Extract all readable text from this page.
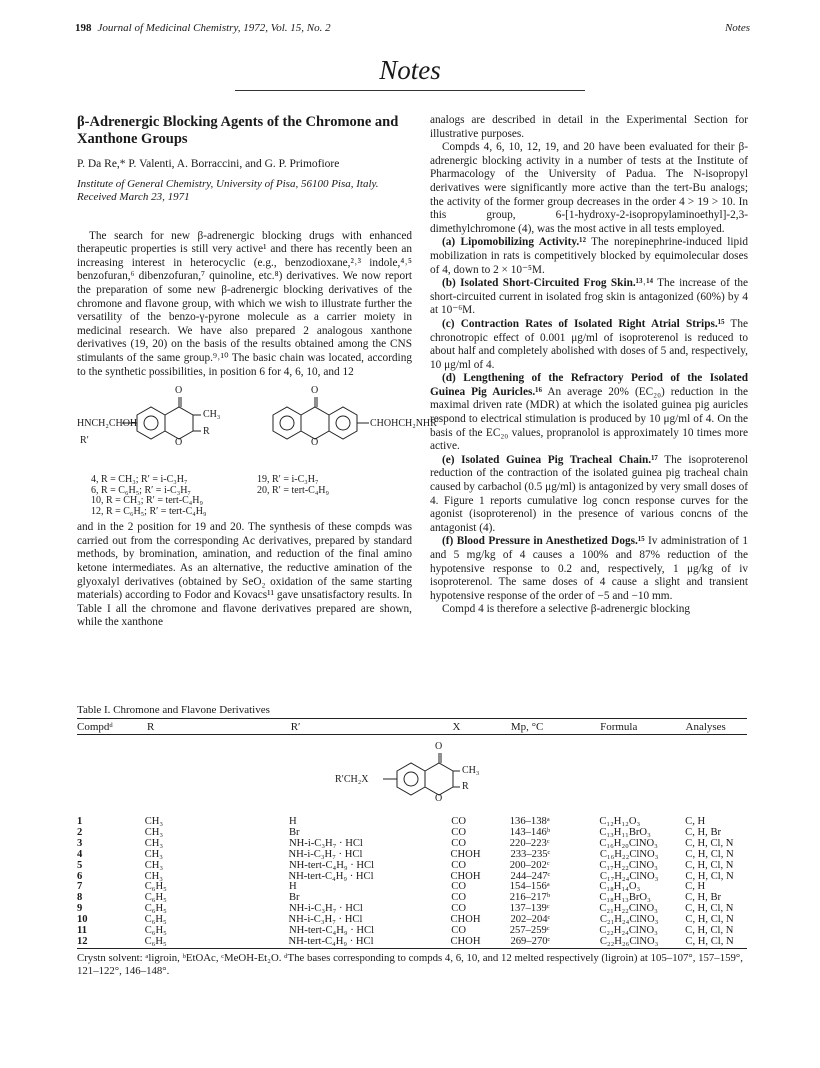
198 Journal of Medicinal Chemistry, 1972, Vol. 15, No. 2	Notes
Notes
β-Adrenergic Blocking Agents of the Chromone and Xanthone Groups
P. Da Re,* P. Valenti, A. Borraccini, and G. P. Primofiore
Institute of General Chemistry, University of Pisa, 56100 Pisa, Italy.
Received March 23, 1971

The search for new β-adrenergic blocking drugs with enhanced therapeutic properties is still very active¹ and there has recently been an increasing interest in heterocyclic (e.g., benzodioxane,²˒³ indole,⁴˒⁵ benzofuran,⁶ dibenzofuran,⁷ quinoline, etc.⁸) derivatives. We now report the preparation of some new β-adrenergic blocking derivatives of the chromone and flavone group, with which we wish to illustrate further the versatility of the benzo-γ-pyrone molecule as a carrier moiety in medicinal research. We have also prepared 2 analogous xanthone derivatives (19, 20) on the basis of the results obtained among the CNS stimulants of the same group.⁹˒¹⁰ The basic chain was located, according to the synthetic possibilities, in position 6 for 4, 6, 10, and 12

HNCH₂CHOH
R′
O
CH₃
R
O
O
O
CHOHCH₂NHR′
4, R = CH₃; R′ = i-C₃H₇
6, R = C₆H₅; R′ = i-C₃H₇
10, R = CH₃; R′ = tert-C₄H₉
12, R = C₆H₅; R′ = tert-C₄H₉
19, R′ = i-C₃H₇
20, R′ = tert-C₄H₉

and in the 2 position for 19 and 20. The synthesis of these compds was carried out from the corresponding Ac derivatives, prepared by standard methods, by bromination, amination, and reduction of the final amino ketone intermediates. As an alternative, the reductive amination of the glyoxalyl derivatives (obtained by SeO₂ oxidation of the same starting materials) according to Fodor and Kovacs¹¹ gave unsatisfactory results. In Table I all the chromone and flavone derivatives prepared are shown, while the xanthone

analogs are described in detail in the Experimental Section for illustrative purposes.

Compds 4, 6, 10, 12, 19, and 20 have been evaluated for their β-adrenergic blocking activity in a number of tests at the Institute of Pharmacology of the University of Padua. The N-isopropyl derivatives were significantly more active than the tert-Bu analogs; the activity of the former group decreases in the order 4 > 19 > 10. In this group, 6-[1-hydroxy-2-isopropylaminoethyl]-2,3-dimethylchromone (4), was the most active in all tests employed.

(a) Lipomobilizing Activity.¹² The norepinephrine-induced lipid mobilization in rats is competitively blocked by equimolecular doses of 4, down to 2 × 10⁻⁵M.

(b) Isolated Short-Circuited Frog Skin.¹³˒¹⁴ The increase of the short-circuited current in isolated frog skin is antagonized (60%) by 4 at 10⁻⁶M.

(c) Contraction Rates of Isolated Right Atrial Strips.¹⁵ The chronotropic effect of 0.001 μg/ml of isoproterenol is reduced to about half and completely abolished with doses of 5 and, respectively, 10 μg/ml of 4.

(d) Lengthening of the Refractory Period of the Isolated Guinea Pig Auricles.¹⁶ An average 20% (EC₂₀) reduction in the maximal driven rate (MDR) at which the isolated guinea pig auricles respond to electrical stimulation is produced by 10 μg/ml of 4. On the basis of the EC₂₀ values, propranolol is approximately 10 times more active.

(e) Isolated Guinea Pig Tracheal Chain.¹⁷ The isoproterenol reduction of the contraction of the isolated guinea pig tracheal chain caused by carbachol (0.5 μg/ml) is antagonized by very small doses of 4. Figure 1 reports cumulative log concn response curves for the agonist (isoproterenol) in the presence of various concns of the antagonist (4).

(f) Blood Pressure in Anesthetized Dogs.¹⁵ Iv administration of 1 and 5 mg/kg of 4 causes a 100% and 87% reduction of the hypotensive response to 0.2 and, respectively, 1 μg/kg of iv isoproterenol. The same doses of 4 cause a slight and transient hypotensive response of the order of −5 and −10 mm.

Compd 4 is therefore a selective β-adrenergic blocking

Table I. Chromone and Flavone Derivatives
Compdᵈ	R	R′	X	Mp, °C	Formula	Analyses
O
R′CH₂X
CH₃
R
O
1	CH₃	H	CO	136–138ᵃ	C₁₂H₁₂O₃	C, H
2	CH₃	Br	CO	143–146ᵇ	C₁₃H₁₁BrO₃	C, H, Br
3	CH₃	NH-i-C₃H₇ · HCl	CO	220–223ᶜ	C₁₆H₂₀ClNO₃	C, H, Cl, N
4	CH₃	NH-i-C₃H₇ · HCl	CHOH	233–235ᶜ	C₁₆H₂₂ClNO₃	C, H, Cl, N
5	CH₃	NH-tert-C₄H₉ · HCl	CO	200–202ᶜ	C₁₇H₂₂ClNO₃	C, H, Cl, N
6	CH₃	NH-tert-C₄H₉ · HCl	CHOH	244–247ᶜ	C₁₇H₂₄ClNO₃	C, H, Cl, N
7	C₆H₅	H	CO	154–156ᵃ	C₁₈H₁₄O₃	C, H
8	C₆H₅	Br	CO	216–217ᵇ	C₁₈H₁₃BrO₃	C, H, Br
9	C₆H₅	NH-i-C₃H₇ · HCl	CO	137–139ᶜ	C₂₁H₂₂ClNO₃	C, H, Cl, N
10	C₆H₅	NH-i-C₃H₇ · HCl	CHOH	202–204ᶜ	C₂₁H₂₄ClNO₃	C, H, Cl, N
11	C₆H₅	NH-tert-C₄H₉ · HCl	CO	257–259ᶜ	C₂₂H₂₄ClNO₃	C, H, Cl, N
12	C₆H₅	NH-tert-C₄H₉ · HCl	CHOH	269–270ᶜ	C₂₂H₂₆ClNO₃	C, H, Cl, N
Crystn solvent: ᵃligroin, ᵇEtOAc, ᶜMeOH-Et₂O. ᵈThe bases corresponding to compds 4, 6, 10, and 12 melted respectively (ligroin) at 105–107°, 157–159°, 121–122°, 146–148°.
